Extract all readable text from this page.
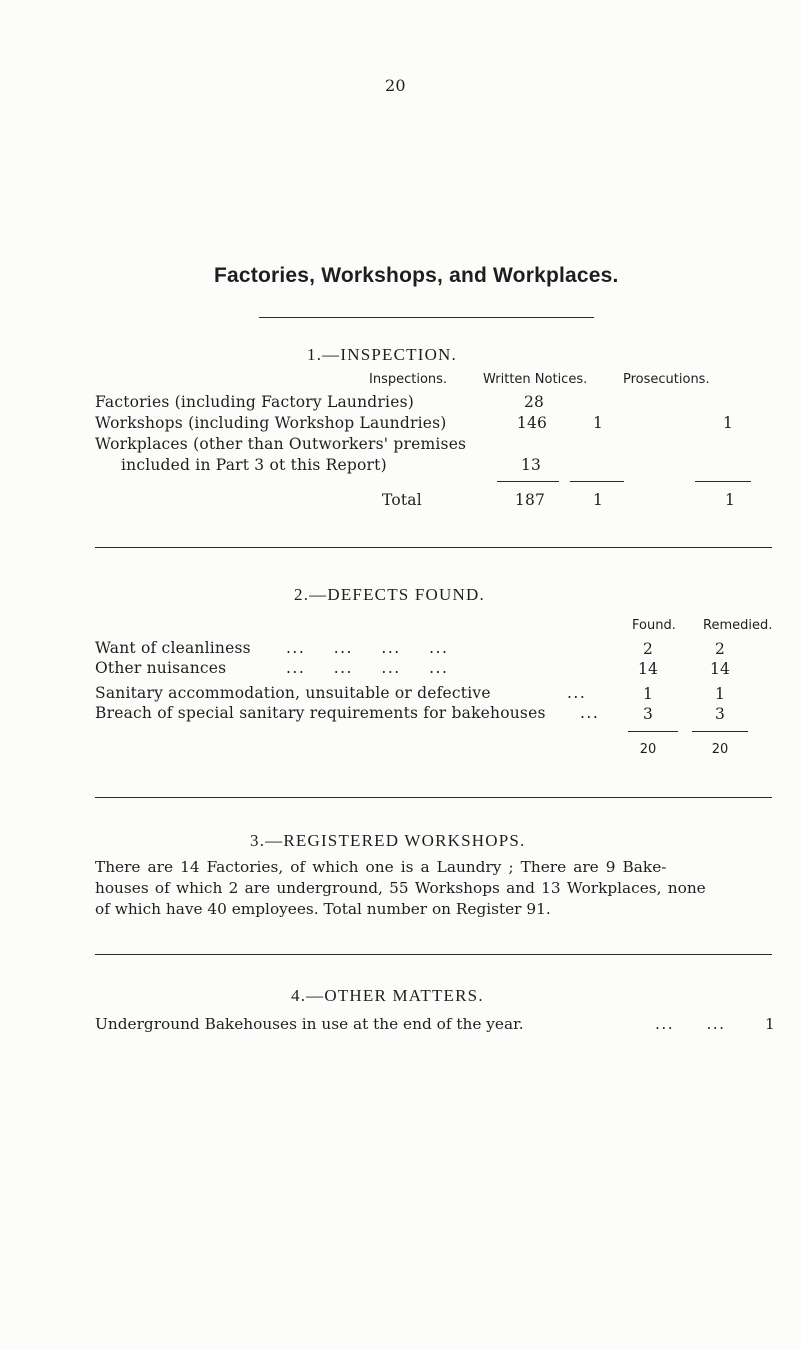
20
Factories, Workshops, and Workplaces.
1.—INSPECTION.
Inspections.	Written Notices.	Prosecutions.
Factories (including Factory Laundries)	28
Workshops (including Workshop Laundries)	146	1	1
Workplaces (other than Outworkers' premises
included in Part 3 ot this Report)	13
Total	187	1	1
2.—DEFECTS FOUND.
Found. Remedied.
Want of cleanliness ... ... ... ...	2	2
Other nuisances	... ... ... ...	14	14
Sanitary accommodation, unsuitable or defective	...	1	1
Breach of special sanitary requirements for bakehouses ...	3	3
20	20
3.—REGISTERED WORKSHOPS.
There are 14 Factories, of which one is a Laundry ; There are 9 Bake-
houses of which 2 are underground, 55 Workshops and 13 Workplaces, none
of which have 40 employees. Total number on Register 91.
4.—OTHER MATTERS.
Underground Bakehouses in use at the end of the year.	... ...	1
